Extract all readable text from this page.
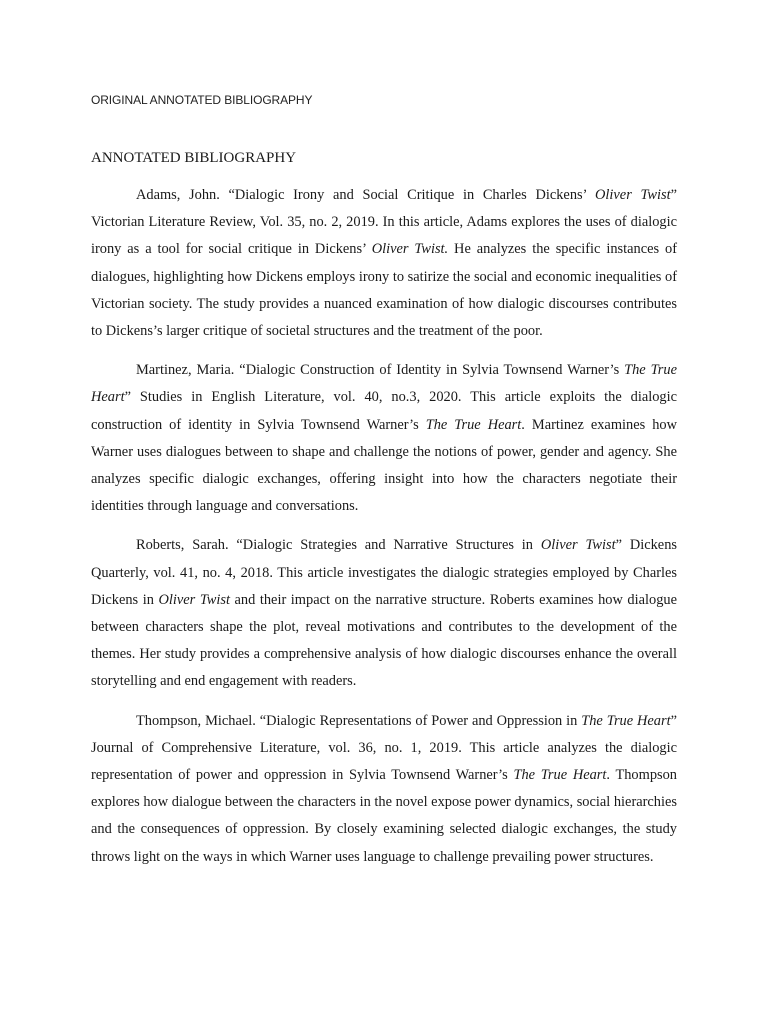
ORIGINAL ANNOTATED BIBLIOGRAPHY
ANNOTATED BIBLIOGRAPHY

Adams, John. “Dialogic Irony and Social Critique in Charles Dickens’ Oliver Twist” Victorian Literature Review, Vol. 35, no. 2, 2019. In this article, Adams explores the uses of dialogic irony as a tool for social critique in Dickens’ Oliver Twist. He analyzes the specific instances of dialogues, highlighting how Dickens employs irony to satirize the social and economic inequalities of Victorian society. The study provides a nuanced examination of how dialogic discourses contributes to Dickens’s larger critique of societal structures and the treatment of the poor.

Martinez, Maria. “Dialogic Construction of Identity in Sylvia Townsend Warner’s The True Heart” Studies in English Literature, vol. 40, no.3, 2020. This article exploits the dialogic construction of identity in Sylvia Townsend Warner’s The True Heart. Martinez examines how Warner uses dialogues between to shape and challenge the notions of power, gender and agency. She analyzes specific dialogic exchanges, offering insight into how the characters negotiate their identities through language and conversations.

Roberts, Sarah. “Dialogic Strategies and Narrative Structures in Oliver Twist” Dickens Quarterly, vol. 41, no. 4, 2018. This article investigates the dialogic strategies employed by Charles Dickens in Oliver Twist and their impact on the narrative structure. Roberts examines how dialogue between characters shape the plot, reveal motivations and contributes to the development of the themes. Her study provides a comprehensive analysis of how dialogic discourses enhance the overall storytelling and end engagement with readers.

Thompson, Michael. “Dialogic Representations of Power and Oppression in The True Heart” Journal of Comprehensive Literature, vol. 36, no. 1, 2019. This article analyzes the dialogic representation of power and oppression in Sylvia Townsend Warner’s The True Heart. Thompson explores how dialogue between the characters in the novel expose power dynamics, social hierarchies and the consequences of oppression. By closely examining selected dialogic exchanges, the study throws light on the ways in which Warner uses language to challenge prevailing power structures.
